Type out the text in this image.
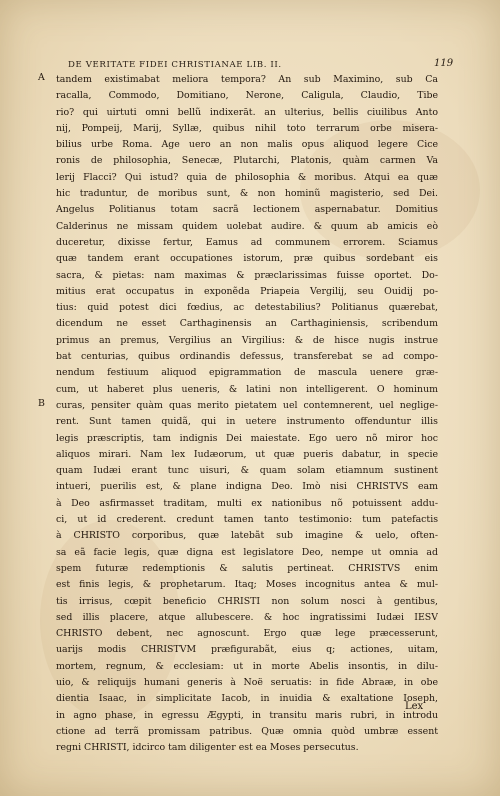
DE VERITATE FIDEI CHRISTIANAE LIB. II.	119
A
B
tandem existimabat meliora tempora? An sub Maximino, sub Ca
racalla, Commodo, Domitiano, Nerone, Caligula, Claudio, Tibe
rio? qui uirtuti omni bellũ indixerāt. an ulterius, bellis ciuilibus Anto
nij, Pompeij, Marij, Syllæ, quibus nihil toto terrarum orbe misera-
bilius urbe Roma. Age uero an non malis opus aliquod legere Cice
ronis de philosophia, Senecæ, Plutarchi, Platonis, quàm carmen Va
lerij Flacci? Qui istud? quia de philosophia & moribus. Atqui ea quæ
hic traduntur, de moribus sunt, & non hominũ magisterio, sed Dei.
Angelus Politianus totam sacrã lectionem aspernabatur. Domitius
Calderinus ne missam quidem uolebat audire. & quum ab amicis eò
duceretur, dixisse fertur, Eamus ad communem errorem. Sciamus
quæ tandem erant occupationes istorum, præ quibus sordebant eis
sacra, & pietas: nam maximas & præclarissimas fuisse oportet. Do-
mitius erat occupatus in exponẽda Priapeia Vergilij, seu Ouidij po-
tius: quid potest dici fœdius, ac detestabilius? Politianus quærebat,
dicendum ne esset Carthaginensis an Carthaginiensis, scribendum
primus an premus, Vergilius an Virgilius: & de hisce nugis instrue
bat centurias, quibus ordinandis defessus, transferebat se ad compo-
nendum festiuum aliquod epigrammation de mascula uenere græ-
cum, ut haberet plus ueneris, & latini non intelligerent. O hominum
curas, pensiter quàm quas merito pietatem uel contemnerent, uel neglige-
rent. Sunt tamen quidã, qui in uetere instrumento offenduntur illis
legis præscriptis, tam indignis Dei maiestate. Ego uero nõ miror hoc
aliquos mirari. Nam lex Iudæorum, ut quæ pueris dabatur, in specie
quam Iudæi erant tunc uisuri, & quam solam etiamnum sustinent
intueri, puerilis est, & plane indigna Deo. Imò nisi CHRISTVS eam
à Deo asfirmasset traditam, multi ex nationibus nõ potuissent addu-
ci, ut id crederent. credunt tamen tanto testimonio: tum patefactis
à CHRISTO corporibus, quæ latebãt sub imagine & uelo, often-
sa eã facie legis, quæ digna est legislatore Deo, nempe ut omnia ad
spem futuræ redemptionis & salutis pertineat. CHRISTVS enim
est finis legis, & prophetarum. Itaq; Moses incognitus antea & mul-
tis irrisus, cœpit beneficio CHRISTI non solum nosci à gentibus,
sed illis placere, atque allubescere. & hoc ingratissimi Iudæi IESV
CHRISTO debent, nec agnoscunt. Ergo quæ lege præcesserunt,
uarijs modis CHRISTVM præfigurabãt, eius q; actiones, uitam,
mortem, regnum, & ecclesiam: ut in morte Abelis insontis, in dilu-
uio, & reliquijs humani generis à Noë seruatis: in fide Abraæ, in obe
dientia Isaac, in simplicitate Iacob, in inuidia & exaltatione Ioseph,
in agno phase, in egressu Ægypti, in transitu maris rubri, in introdu
ctione ad terrã promissam patribus. Quæ omnia quòd umbræ essent
regni CHRISTI, idcirco tam diligenter est ea Moses persecutus.
Lex
